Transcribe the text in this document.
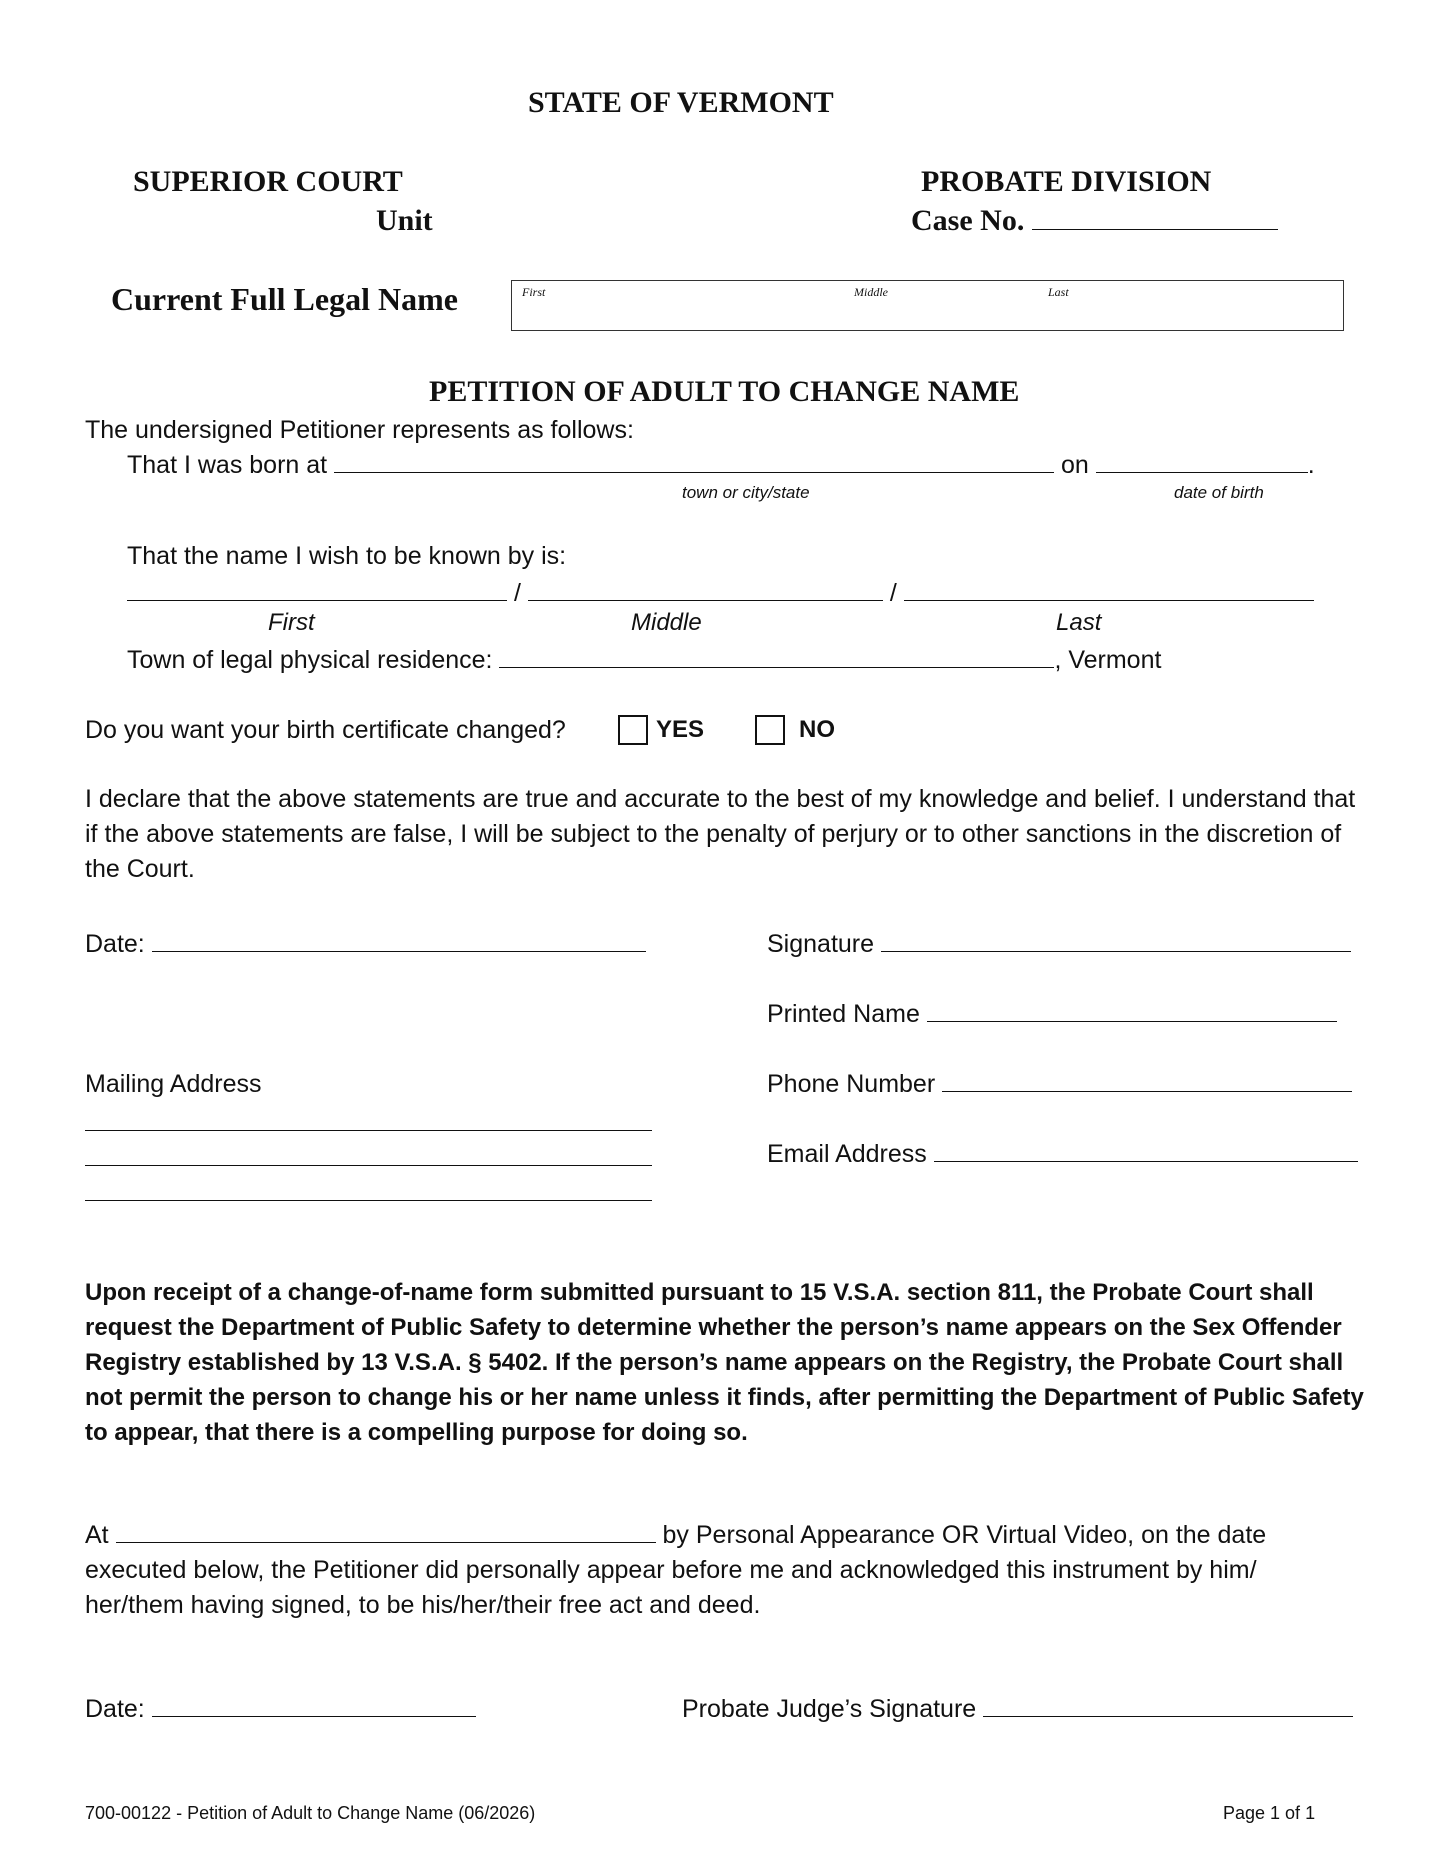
STATE OF VERMONT
SUPERIOR COURT	PROBATE DIVISION
Unit	Case No.
Current Full Legal Name	First	Middle	Last
PETITION OF ADULT TO CHANGE NAME
The undersigned Petitioner represents as follows:
That I was born at	on	.
town or city/state	date of birth
That the name I wish to be known by is:
/	/
First	Middle	Last
Town of legal physical residence:	, Vermont
Do you want your birth certificate changed?	YES	NO
I declare that the above statements are true and accurate to the best of my knowledge and belief. I understand that if the above statements are false, I will be subject to the penalty of perjury or to other sanctions in the discretion of the Court.
Date:	Signature
Printed Name
Mailing Address	Phone Number
Email Address
Upon receipt of a change-of-name form submitted pursuant to 15 V.S.A. section 811, the Probate Court shall request the Department of Public Safety to determine whether the person’s name appears on the Sex Offender Registry established by 13 V.S.A. § 5402. If the person’s name appears on the Registry, the Probate Court shall not permit the person to change his or her name unless it finds, after permitting the Department of Public Safety to appear, that there is a compelling purpose for doing so.
At	by Personal Appearance OR Virtual Video, on the date executed below, the Petitioner did personally appear before me and acknowledged this instrument by him/ her/them having signed, to be his/her/their free act and deed.
Date:	Probate Judge’s Signature
700-00122 - Petition of Adult to Change Name (06/2026)	Page 1 of 1
